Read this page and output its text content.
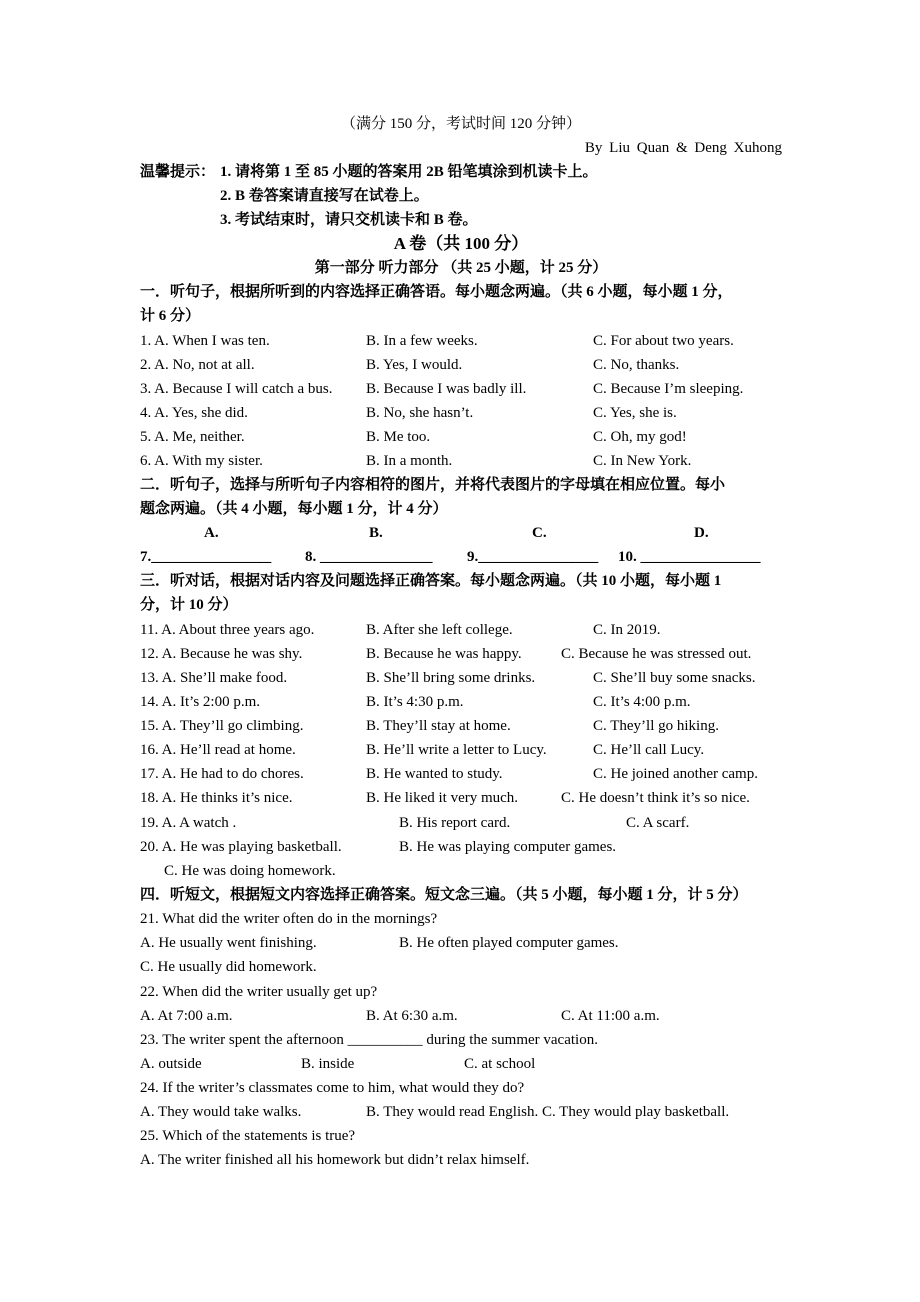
（满分 150 分，考试时间 120 分钟）
By Liu Quan & Deng Xuhong
温馨提示： 1. 请将第 1 至 85 小题的答案用 2B 铅笔填涂到机读卡上。
2. B 卷答案请直接写在试卷上。
3. 考试结束时，请只交机读卡和 B 卷。
A 卷（共 100 分）
第一部分 听力部分 （共 25 小题，计 25 分）
一．听句子，根据所听到的内容选择正确答语。每小题念两遍。（共 6 小题，每小题 1 分，
计 6 分）
1. A. When I was ten.	B. In a few weeks.	C. For about two years.
2. A. No, not at all.	B. Yes, I would.	C. No, thanks.
3. A. Because I will catch a bus. B. Because I was badly ill.	C. Because I’m sleeping.
4. A. Yes, she did.	B. No, she hasn’t.	C. Yes, she is.
5. A. Me, neither.	B. Me too.	C. Oh, my god!
6. A. With my sister.	B. In a month.	C. In New York.
二．听句子，选择与所听句子内容相符的图片，并将代表图片的字母填在相应位置。每小
题念两遍。（共 4 小题，每小题 1 分，计 4 分）
A.	B.	C.	D.
7.________________ 8. _______________ 9.________________ 10. ________________
三．听对话，根据对话内容及问题选择正确答案。每小题念两遍。（共 10 小题，每小题 1
分，计 10 分）
11. A. About three years ago.	B. After she left college.	C. In 2019.
12. A. Because he was shy.	B. Because he was happy.	C. Because he was stressed out.
13. A. She’ll make food.	B. She’ll bring some drinks.	C. She’ll buy some snacks.
14. A. It’s 2:00 p.m.	B. It’s 4:30 p.m.	C. It’s 4:00 p.m.
15. A. They’ll go climbing.	B. They’ll stay at home.	C. They’ll go hiking.
16. A. He’ll read at home.	B. He’ll write a letter to Lucy.	C. He’ll call Lucy.
17. A. He had to do chores.	B. He wanted to study.	C. He joined another camp.
18. A. He thinks it’s nice.	B. He liked it very much.	C. He doesn’t think it’s so nice.
19. A. A watch .	B. His report card.	C. A scarf.
20. A. He was playing basketball.	B. He was playing computer games.
C. He was doing homework.
四．听短文，根据短文内容选择正确答案。短文念三遍。（共 5 小题，每小题 1 分，计 5 分）
21. What did the writer often do in the mornings?
A. He usually went finishing.	B. He often played computer games.
C. He usually did homework.
22. When did the writer usually get up?
A. At 7:00 a.m.	B. At 6:30 a.m.	C. At 11:00 a.m.
23. The writer spent the afternoon __________ during the summer vacation.
A. outside	B. inside	C. at school
24. If the writer’s classmates come to him, what would they do?
A. They would take walks.	B. They would read English. C. They would play basketball.
25. Which of the statements is true?
A. The writer finished all his homework but didn’t relax himself.
